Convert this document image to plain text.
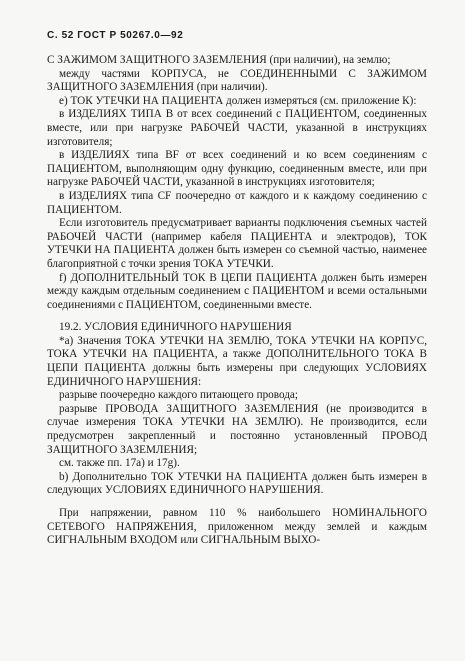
С. 52 ГОСТ Р 50267.0—92

С ЗАЖИМОМ ЗАЩИТНОГО ЗАЗЕМЛЕНИЯ (при наличии), на землю;

между частями КОРПУСА, не СОЕДИНЕННЫМИ С ЗАЖИМОМ ЗАЩИТНОГО ЗАЗЕМЛЕНИЯ (при наличии).

е) ТОК УТЕЧКИ НА ПАЦИЕНТА должен измеряться (см. приложение К):

в ИЗДЕЛИЯХ ТИПА В от всех соединений с ПАЦИЕНТОМ, соединенных вместе, или при нагрузке РАБОЧЕЙ ЧАСТИ, указанной в инструкциях изготовителя;

в ИЗДЕЛИЯХ типа BF от всех соединений и ко всем соединениям с ПАЦИЕНТОМ, выполняющим одну функцию, соединенным вместе, или при нагрузке РАБОЧЕЙ ЧАСТИ, указанной в инструкциях изготовителя;

в ИЗДЕЛИЯХ типа CF поочередно от каждого и к каждому соединению с ПАЦИЕНТОМ.

Если изготовитель предусматривает варианты подключения съемных частей РАБОЧЕЙ ЧАСТИ (например кабеля ПАЦИЕНТА и электродов), ТОК УТЕЧКИ НА ПАЦИЕНТА должен быть измерен со съемной частью, наименее благоприятной с точки зрения ТОКА УТЕЧКИ.

f) ДОПОЛНИТЕЛЬНЫЙ ТОК В ЦЕПИ ПАЦИЕНТА должен быть измерен между каждым отдельным соединением с ПАЦИЕНТОМ и всеми остальными соединениями с ПАЦИЕНТОМ, соединенными вместе.

19.2. УСЛОВИЯ ЕДИНИЧНОГО НАРУШЕНИЯ

*а) Значения ТОКА УТЕЧКИ НА ЗЕМЛЮ, ТОКА УТЕЧКИ НА КОРПУС, ТОКА УТЕЧКИ НА ПАЦИЕНТА, а также ДОПОЛНИТЕЛЬНОГО ТОКА В ЦЕПИ ПАЦИЕНТА должны быть измерены при следующих УСЛОВИЯХ ЕДИНИЧНОГО НАРУШЕНИЯ:

разрыве поочередно каждого питающего провода;

разрыве ПРОВОДА ЗАЩИТНОГО ЗАЗЕМЛЕНИЯ (не производится в случае измерения ТОКА УТЕЧКИ НА ЗЕМЛЮ). Не производится, если предусмотрен закрепленный и постоянно установленный ПРОВОД ЗАЩИТНОГО ЗАЗЕМЛЕНИЯ;

см. также пп. 17а) и 17g).

b) Дополнительно ТОК УТЕЧКИ НА ПАЦИЕНТА должен быть измерен в следующих УСЛОВИЯХ ЕДИНИЧНОГО НАРУШЕНИЯ.

При напряжении, равном 110 % наибольшего НОМИНАЛЬНОГО СЕТЕВОГО НАПРЯЖЕНИЯ, приложенном между землей и каждым СИГНАЛЬНЫМ ВХОДОМ или СИГНАЛЬНЫМ ВЫХО-
